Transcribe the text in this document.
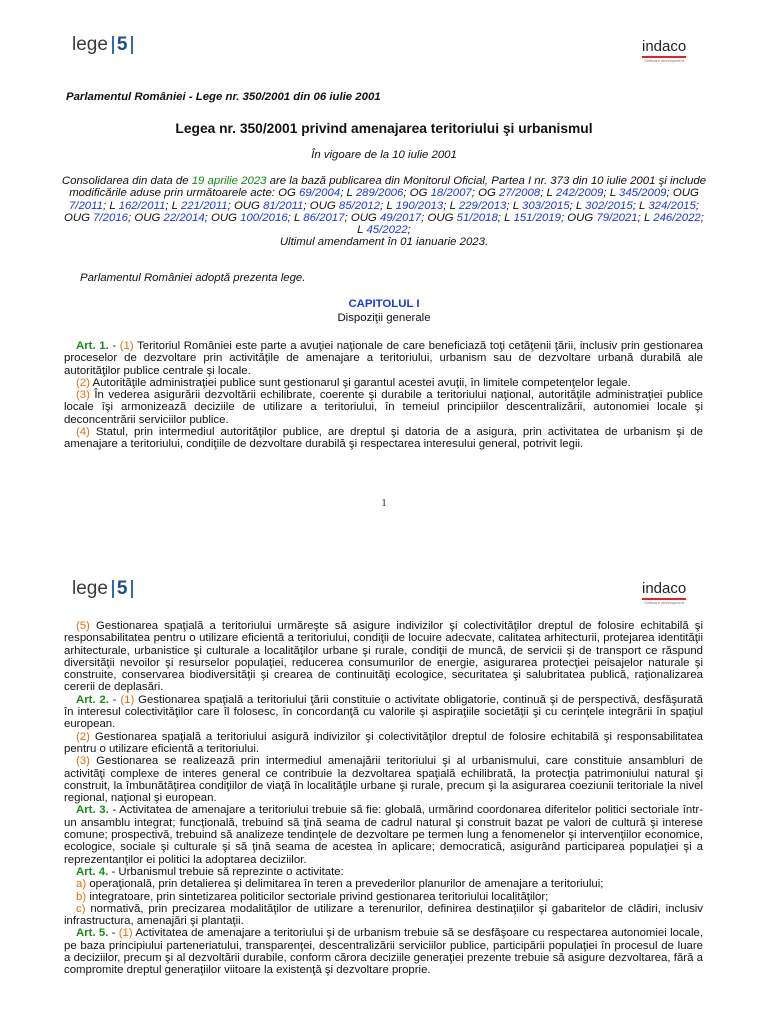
lege 5	indaco
Software development
Parlamentul României - Lege nr. 350/2001 din 06 iulie 2001
Legea nr. 350/2001 privind amenajarea teritoriului şi urbanismul
În vigoare de la 10 iulie 2001
Consolidarea din data de 19 aprilie 2023 are la bază publicarea din Monitorul Oficial, Partea I nr. 373 din 10 iulie 2001 şi include modificările aduse prin următoarele acte: OG 69/2004; L 289/2006; OG 18/2007; OG 27/2008; L 242/2009; L 345/2009; OUG 7/2011; L 162/2011; L 221/2011; OUG 81/2011; OUG 85/2012; L 190/2013; L 229/2013; L 303/2015; L 302/2015; L 324/2015; OUG 7/2016; OUG 22/2014; OUG 100/2016; L 86/2017; OUG 49/2017; OUG 51/2018; L 151/2019; OUG 79/2021; L 246/2022; L 45/2022;
Ultimul amendament în 01 ianuarie 2023.
Parlamentul României adoptă prezenta lege.
CAPITOLUL I
Dispoziţii generale

Art. 1. - (1) Teritoriul României este parte a avuţiei naţionale de care beneficiază toţi cetăţenii ţării, inclusiv prin gestionarea proceselor de dezvoltare prin activităţile de amenajare a teritoriului, urbanism sau de dezvoltare urbană durabilă ale autorităţilor publice centrale şi locale.

(2) Autorităţile administraţiei publice sunt gestionarul şi garantul acestei avuţii, în limitele competenţelor legale.

(3) În vederea asigurării dezvoltării echilibrate, coerente şi durabile a teritoriului naţional, autorităţile administraţiei publice locale îşi armonizează deciziile de utilizare a teritoriului, în temeiul principiilor descentralizării, autonomiei locale şi deconcentrării serviciilor publice.

(4) Statul, prin intermediul autorităţilor publice, are dreptul şi datoria de a asigura, prin activitatea de urbanism şi de amenajare a teritoriului, condiţiile de dezvoltare durabilă şi respectarea interesului general, potrivit legii.

1
lege 5	indaco
Software development

(5) Gestionarea spaţială a teritoriului urmăreşte să asigure indivizilor şi colectivităţilor dreptul de folosire echitabilă şi responsabilitatea pentru o utilizare eficientă a teritoriului, condiţii de locuire adecvate, calitatea arhitecturii, protejarea identităţii arhitecturale, urbanistice şi culturale a localităţilor urbane şi rurale, condiţii de muncă, de servicii şi de transport ce răspund diversităţii nevoilor şi resurselor populaţiei, reducerea consumurilor de energie, asigurarea protecţiei peisajelor naturale şi construite, conservarea biodiversităţii şi crearea de continuităţi ecologice, securitatea şi salubritatea publică, raţionalizarea cererii de deplasări.

Art. 2. - (1) Gestionarea spaţială a teritoriului ţării constituie o activitate obligatorie, continuă şi de perspectivă, desfăşurată în interesul colectivităţilor care îl folosesc, în concordanţă cu valorile şi aspiraţiile societăţii şi cu cerinţele integrării în spaţiul european.

(2) Gestionarea spaţială a teritoriului asigură indivizilor şi colectivităţilor dreptul de folosire echitabilă şi responsabilitatea pentru o utilizare eficientă a teritoriului.

(3) Gestionarea se realizează prin intermediul amenajării teritoriului şi al urbanismului, care constituie ansambluri de activităţi complexe de interes general ce contribuie la dezvoltarea spaţială echilibrată, la protecţia patrimoniului natural şi construit, la îmbunătăţirea condiţiilor de viaţă în localităţile urbane şi rurale, precum şi la asigurarea coeziunii teritoriale la nivel regional, naţional şi european.

Art. 3. - Activitatea de amenajare a teritoriului trebuie să fie: globală, urmărind coordonarea diferitelor politici sectoriale într-un ansamblu integrat; funcţională, trebuind să ţină seama de cadrul natural şi construit bazat pe valori de cultură şi interese comune; prospectivă, trebuind să analizeze tendinţele de dezvoltare pe termen lung a fenomenelor şi intervenţiilor economice, ecologice, sociale şi culturale şi să ţină seama de acestea în aplicare; democratică, asigurând participarea populaţiei şi a reprezentanţilor ei politici la adoptarea deciziilor.

Art. 4. - Urbanismul trebuie să reprezinte o activitate:

a) operaţională, prin detalierea şi delimitarea în teren a prevederilor planurilor de amenajare a teritoriului;

b) integratoare, prin sintetizarea politicilor sectoriale privind gestionarea teritoriului localităţilor;

c) normativă, prin precizarea modalităţilor de utilizare a terenurilor, definirea destinaţiilor şi gabaritelor de clădiri, inclusiv infrastructura, amenajări şi plantaţii.

Art. 5. - (1) Activitatea de amenajare a teritoriului şi de urbanism trebuie să se desfăşoare cu respectarea autonomiei locale, pe baza principiului parteneriatului, transparenţei, descentralizării serviciilor publice, participării populaţiei în procesul de luare a deciziilor, precum şi al dezvoltării durabile, conform cărora deciziile generaţiei prezente trebuie să asigure dezvoltarea, fără a compromite dreptul generaţiilor viitoare la existenţă şi dezvoltare proprie.
